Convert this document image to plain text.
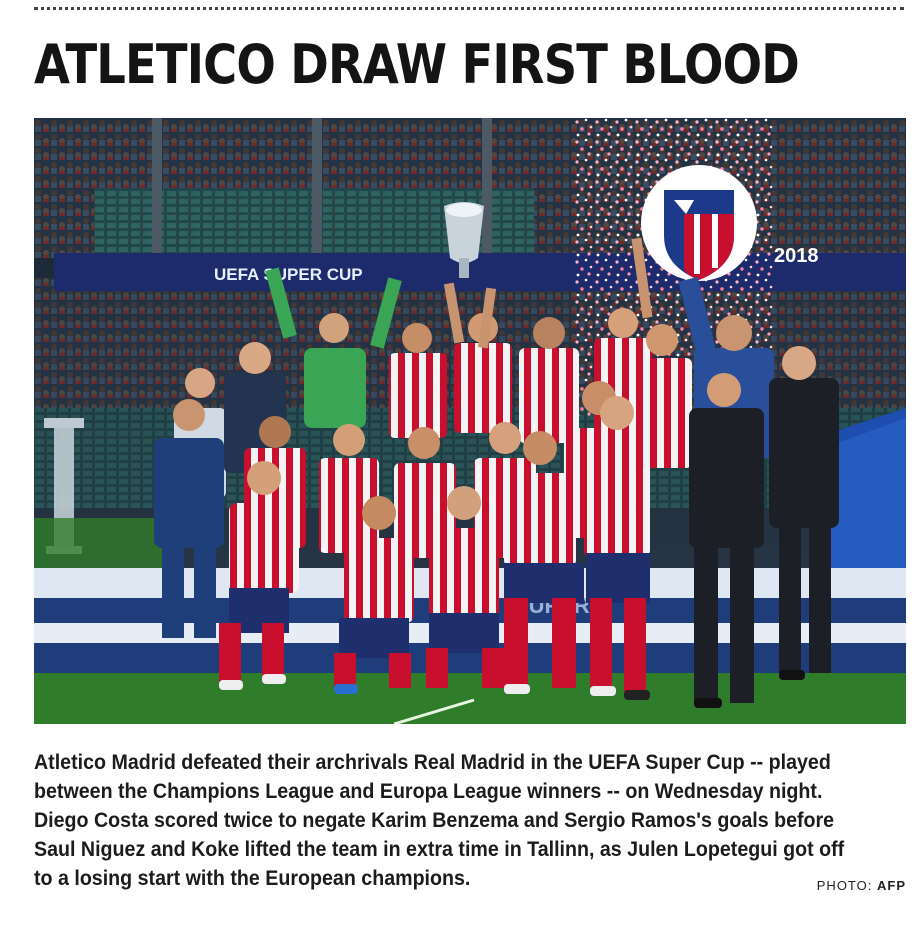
ATLETICO DRAW FIRST BLOOD
UEFA SUPER CUP
2018
SUPER

Atletico Madrid defeated their archrivals Real Madrid in the UEFA Super Cup -- played between the Champions League and Europa League winners -- on Wednesday night. Diego Costa scored twice to negate Karim Benzema and Sergio Ramos's goals before Saul Niguez and Koke lifted the team in extra time in Tallinn, as Julen Lopetegui got off to a losing start with the European champions.	PHOTO: AFP
